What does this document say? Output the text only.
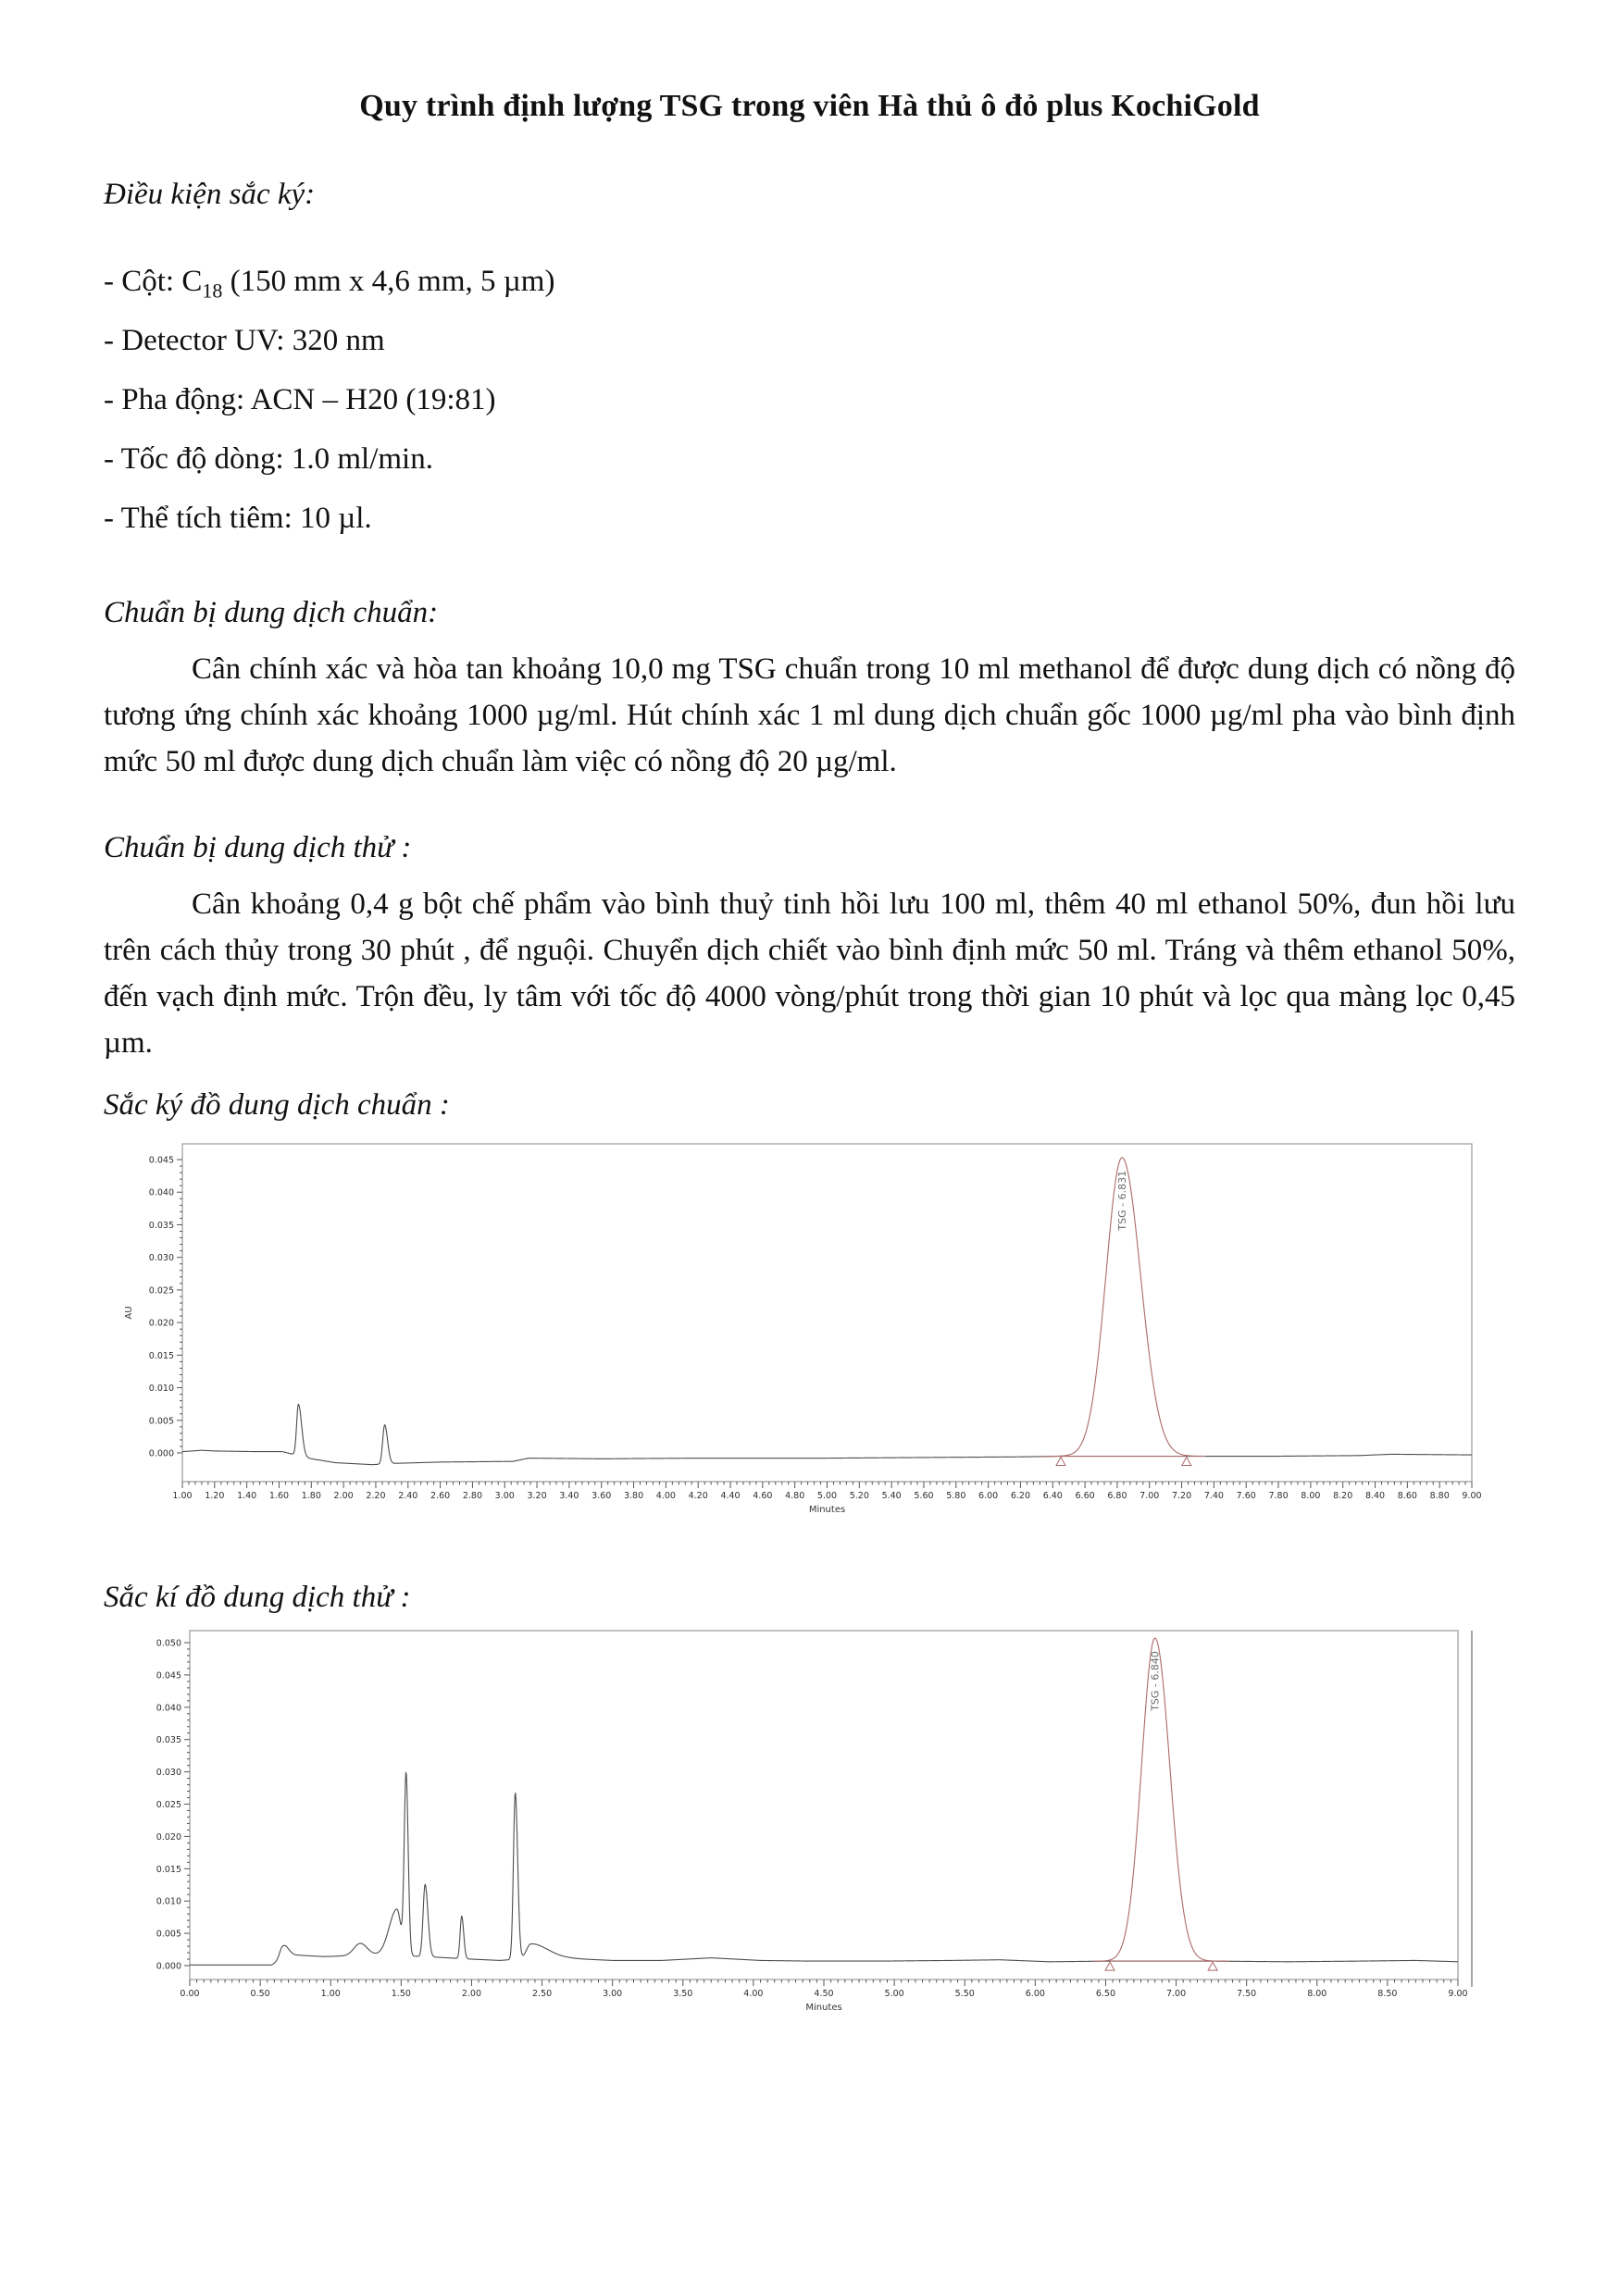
Quy trình định lượng TSG trong viên Hà thủ ô đỏ plus KochiGold
Điều kiện sắc ký:

- Cột: $C_{18}$ (150 mm x 4,6 mm, 5 µm)

- Detector UV: 320 nm

- Pha động: ACN – H20 (19:81)

- Tốc độ dòng: 1.0 ml/min.

- Thể tích tiêm: 10 µl.

Chuẩn bị dung dịch chuẩn:

Cân chính xác và hòa tan khoảng 10,0 mg TSG chuẩn trong 10 ml methanol để được dung dịch có nồng độ tương ứng chính xác khoảng 1000 µg/ml. Hút chính xác 1 ml dung dịch chuẩn gốc 1000 µg/ml pha vào bình định mức 50 ml được dung dịch chuẩn làm việc có nồng độ 20 µg/ml.

Chuẩn bị dung dịch thử :

Cân khoảng 0,4 g bột chế phẩm vào bình thuỷ tinh hồi lưu 100 ml, thêm 40 ml ethanol 50%, đun hồi lưu trên cách thủy trong 30 phút , để nguội. Chuyển dịch chiết vào bình định mức 50 ml. Tráng và thêm ethanol 50%, đến vạch định mức. Trộn đều, ly tâm với tốc độ 4000 vòng/phút trong thời gian 10 phút và lọc qua màng lọc 0,45 µm.

Sắc ký đồ dung dịch chuẩn :
0.000
0.005
0.010
0.015
0.020
0.025
0.030
0.035
0.040
0.045
1.00 1.20 1.40 1.60 1.80 2.00 2.20 2.40 2.60 2.80 3.00 3.20 3.40 3.60 3.80 4.00 4.20 4.40 4.60 4.80 5.00 5.20 5.40 5.60 5.80 6.00 6.20 6.40 6.60 6.80 7.00 7.20 7.40 7.60 7.80 8.00 8.20 8.40 8.60 8.80 9.00
AU
Minutes
TSG - 6.831
Sắc kí đồ dung dịch thử :
0.000
0.005
0.010
0.015
0.020
0.025
0.030
0.035
0.040
0.045
0.050
0.00	0.50	1.00	1.50	2.00	2.50	3.00	3.50	4.00	4.50	5.00	5.50	6.00	6.50	7.00	7.50	8.00	8.50	9.00
Minutes
TSG - 6.840
